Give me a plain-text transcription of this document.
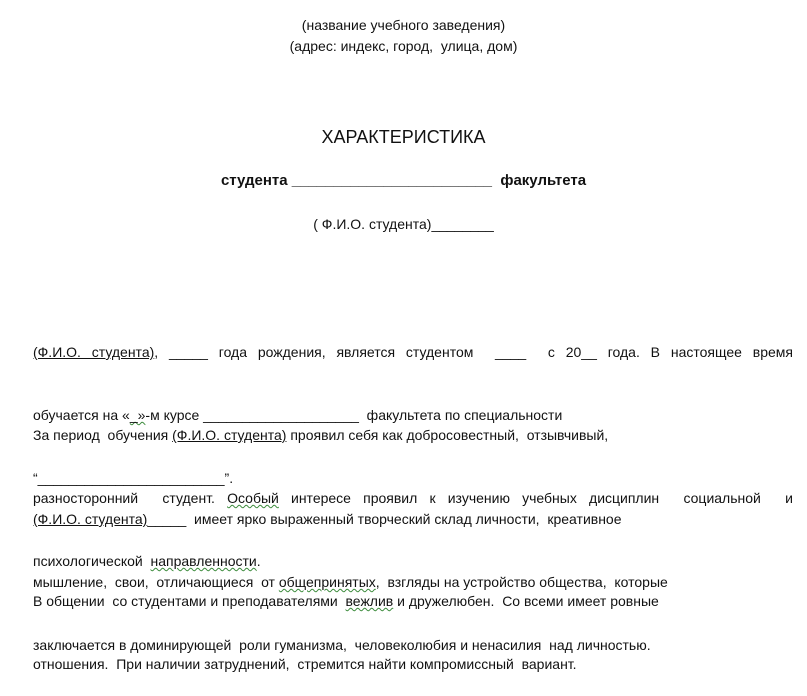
(название учебного заведения)
(адрес: индекс, город,  улица, дом)
ХАРАКТЕРИСТИКА
студента ________________________ факультета
( Ф.И.О. студента)________

(Ф.И.О. студента), _____ года рождения, является студентом  ____  с 20__ года. В настоящее время

обучается на «_»-м курсе ____________________  факультета по специальности

“________________________”.

За период  обучения (Ф.И.О. студента) проявил себя как добросовестный,  отзывчивый,

разносторонний  студент. Особый интересе проявил к изучению учебных дисциплин  социальной  и

психологической  направленности.

(Ф.И.О. студента)_____  имеет ярко выраженный творческий склад личности,  креативное

мышление,  свои,  отличающиеся  от общепринятых,  взгляды на устройство общества,  которые

заключается в доминирующей  роли гуманизма,  человеколюбия и ненасилия  над личностью.

В общении  со студентами и преподавателями  вежлив и дружелюбен.  Со всеми имеет ровные

отношения.  При наличии затруднений,  стремится найти компромиссный  вариант.
